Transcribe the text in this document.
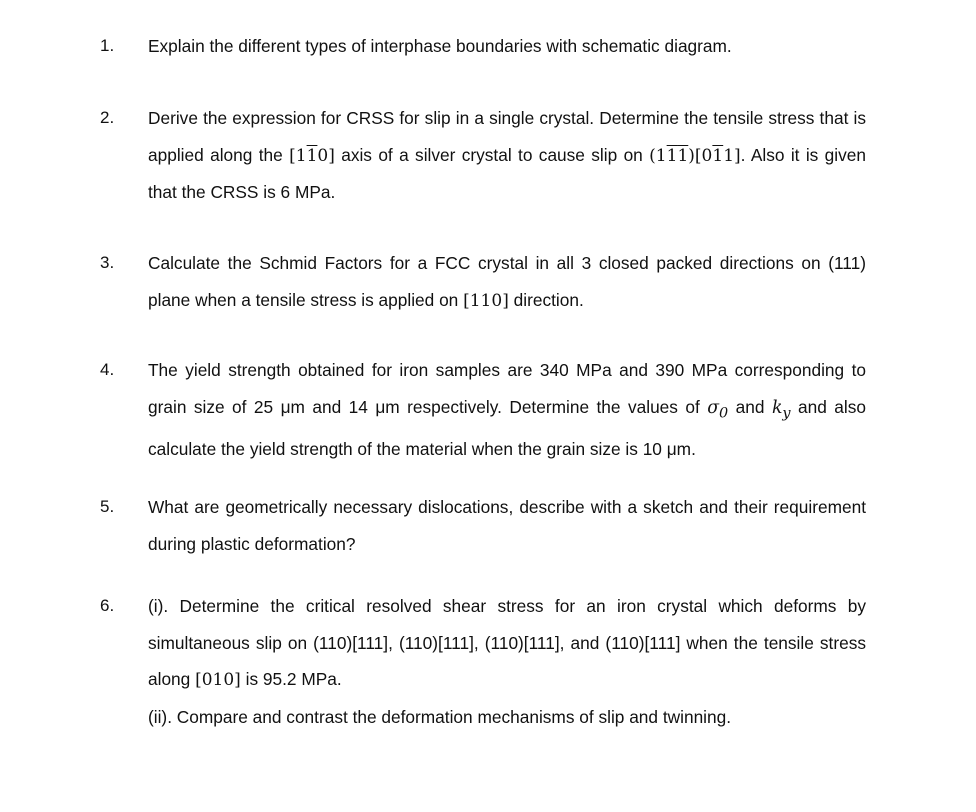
1. Explain the different types of interphase boundaries with schematic diagram.

2. Derive the expression for CRSS for slip in a single crystal. Determine the tensile stress that is applied along the [110] axis of a silver crystal to cause slip on (111)[011]. Also it is given that the CRSS is 6 MPa.

3. Calculate the Schmid Factors for a FCC crystal in all 3 closed packed directions on (111) plane when a tensile stress is applied on [110] direction.

4. The yield strength obtained for iron samples are 340 MPa and 390 MPa corresponding to grain size of 25 μm and 14 μm respectively. Determine the values of $\sigma_0$ and $k_y$ and also calculate the yield strength of the material when the grain size is 10 μm.

5. What are geometrically necessary dislocations, describe with a sketch and their requirement during plastic deformation?

6. (i). Determine the critical resolved shear stress for an iron crystal which deforms by simultaneous slip on (110)[111], (110)[111], (110)[111], and (110)[111] when the tensile stress along [010] is 95.2 MPa.

(ii). Compare and contrast the deformation mechanisms of slip and twinning.
